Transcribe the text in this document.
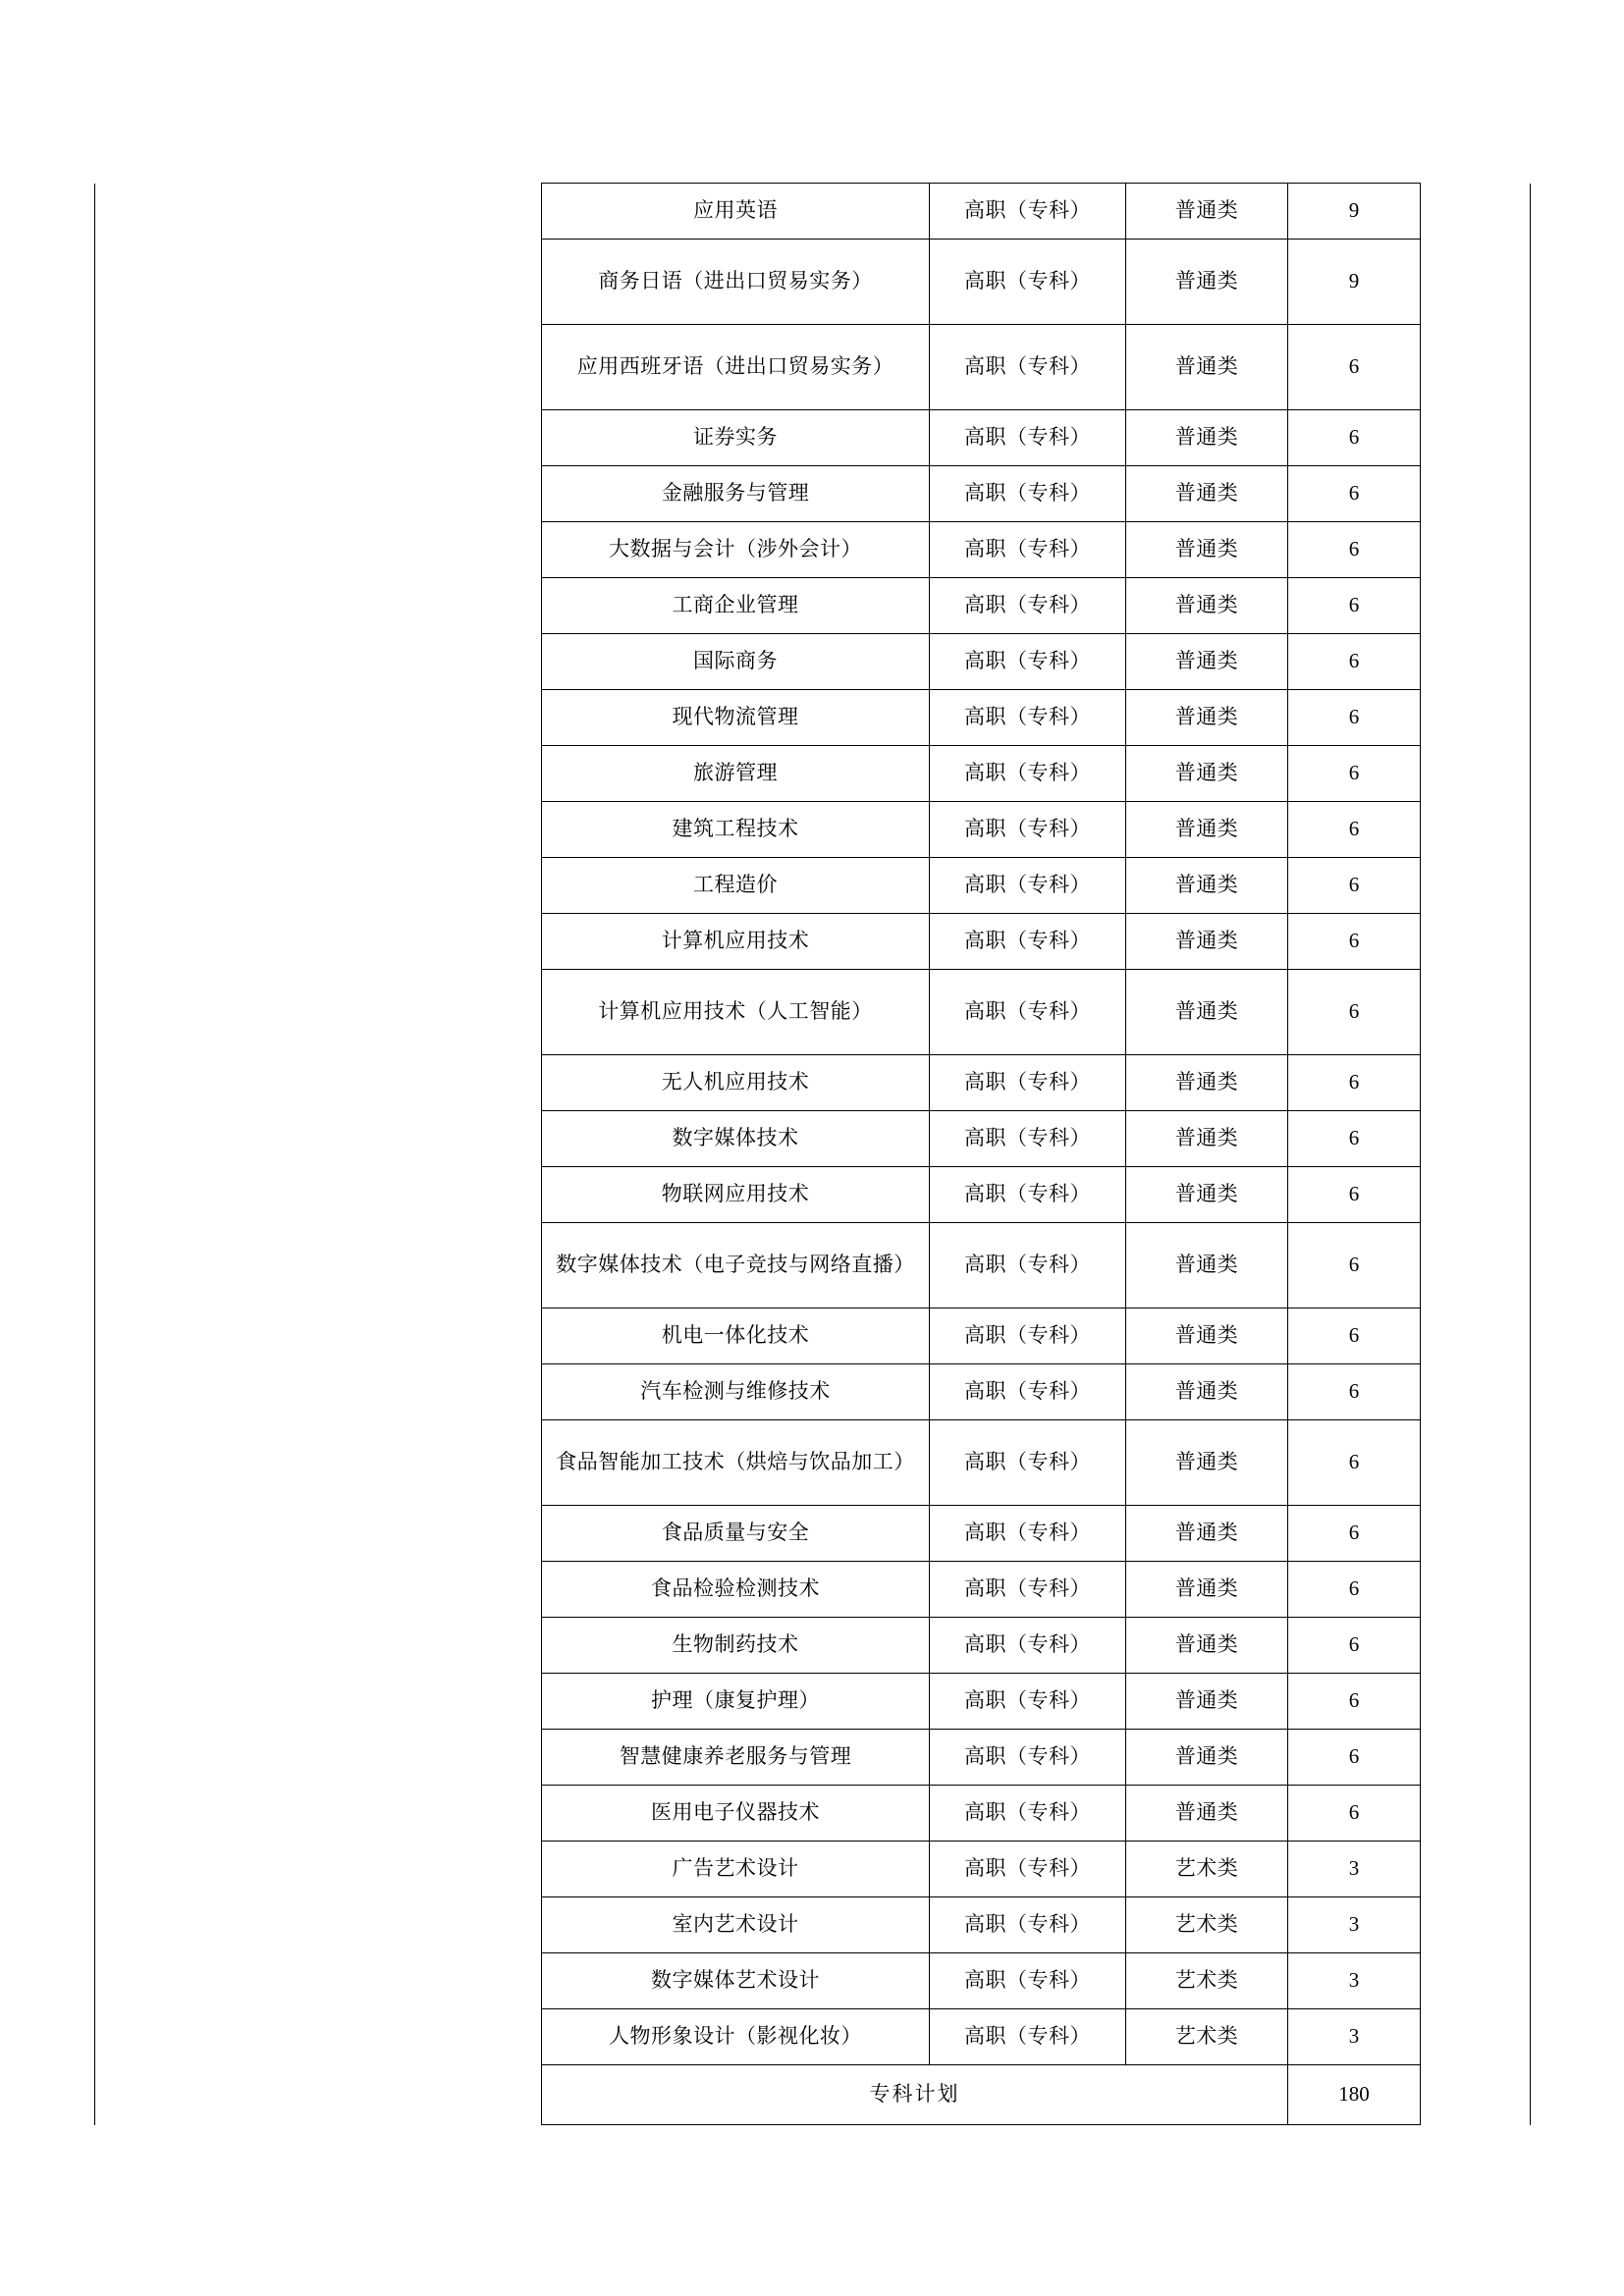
	应用英语	高职（专科）	普通类	9	
	商务日语（进出口贸易实务）	高职（专科）	普通类	9	
	应用西班牙语（进出口贸易实务）	高职（专科）	普通类	6	
	证券实务	高职（专科）	普通类	6	
	金融服务与管理	高职（专科）	普通类	6	
	大数据与会计（涉外会计）	高职（专科）	普通类	6	
	工商企业管理	高职（专科）	普通类	6	
	国际商务	高职（专科）	普通类	6	
	现代物流管理	高职（专科）	普通类	6	
	旅游管理	高职（专科）	普通类	6	
	建筑工程技术	高职（专科）	普通类	6	
	工程造价	高职（专科）	普通类	6	
	计算机应用技术	高职（专科）	普通类	6	
	计算机应用技术（人工智能）	高职（专科）	普通类	6	
	无人机应用技术	高职（专科）	普通类	6	
	数字媒体技术	高职（专科）	普通类	6	
	物联网应用技术	高职（专科）	普通类	6	
	数字媒体技术（电子竞技与网络直播）	高职（专科）	普通类	6	
	机电一体化技术	高职（专科）	普通类	6	
	汽车检测与维修技术	高职（专科）	普通类	6	
	食品智能加工技术（烘焙与饮品加工）	高职（专科）	普通类	6	
	食品质量与安全	高职（专科）	普通类	6	
	食品检验检测技术	高职（专科）	普通类	6	
	生物制药技术	高职（专科）	普通类	6	
	护理（康复护理）	高职（专科）	普通类	6	
	智慧健康养老服务与管理	高职（专科）	普通类	6	
	医用电子仪器技术	高职（专科）	普通类	6	
	广告艺术设计	高职（专科）	艺术类	3	
	室内艺术设计	高职（专科）	艺术类	3	
	数字媒体艺术设计	高职（专科）	艺术类	3	
	人物形象设计（影视化妆）	高职（专科）	艺术类	3	
	专科计划			180	
